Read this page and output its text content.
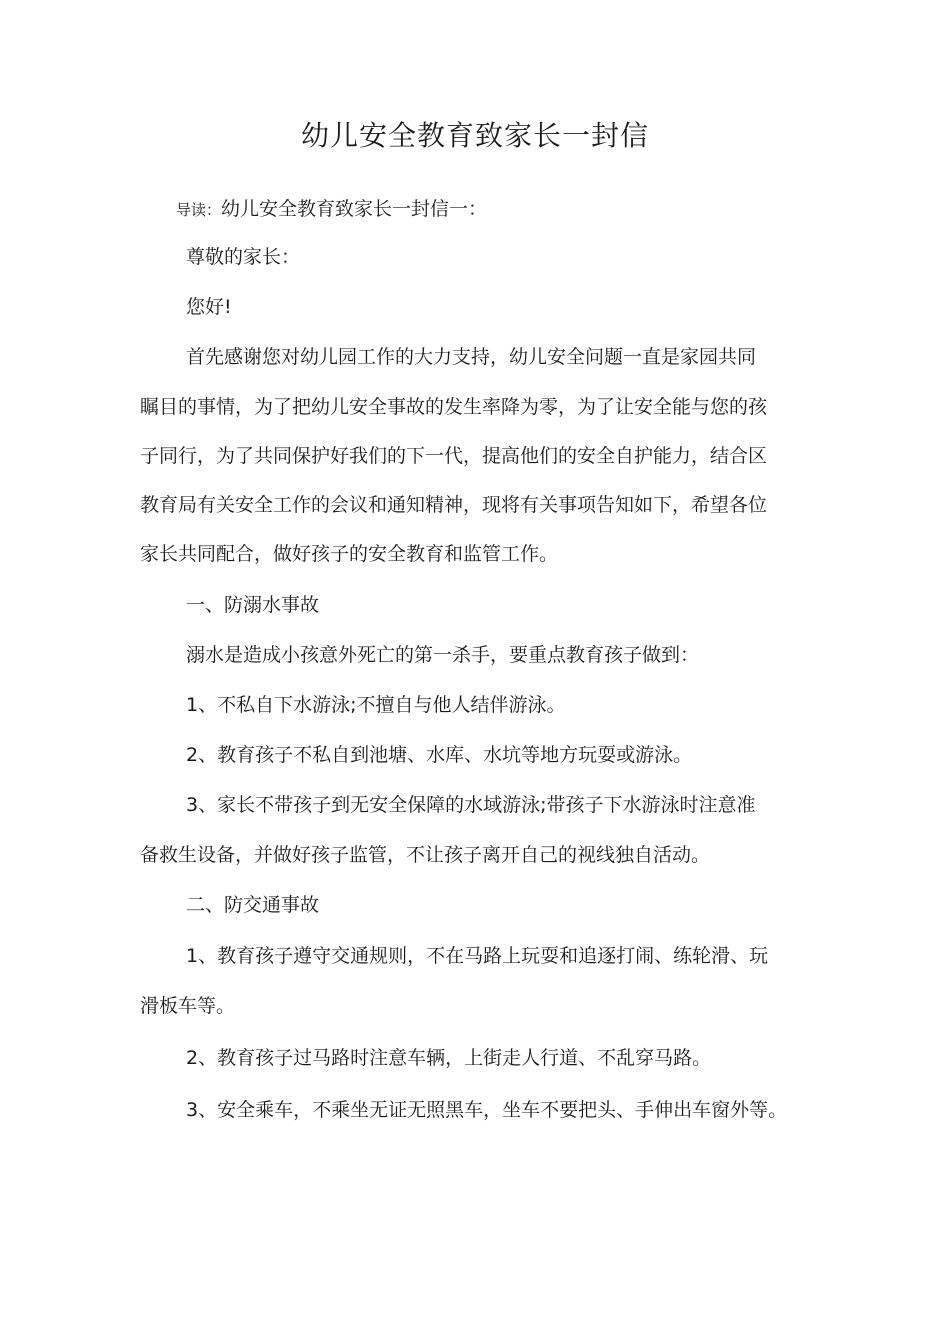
幼儿安全教育致家长一封信
导读：幼儿安全教育致家长一封信一：
尊敬的家长：
您好!
首先感谢您对幼儿园工作的大力支持，幼儿安全问题一直是家园共同
瞩目的事情，为了把幼儿安全事故的发生率降为零，为了让安全能与您的孩
子同行，为了共同保护好我们的下一代，提高他们的安全自护能力，结合区
教育局有关安全工作的会议和通知精神，现将有关事项告知如下，希望各位
家长共同配合，做好孩子的安全教育和监管工作。
一、防溺水事故
溺水是造成小孩意外死亡的第一杀手，要重点教育孩子做到：
1、不私自下水游泳;不擅自与他人结伴游泳。
2、教育孩子不私自到池塘、水库、水坑等地方玩耍或游泳。
3、家长不带孩子到无安全保障的水域游泳;带孩子下水游泳时注意准
备救生设备，并做好孩子监管，不让孩子离开自己的视线独自活动。
二、防交通事故
1、教育孩子遵守交通规则，不在马路上玩耍和追逐打闹、练轮滑、玩
滑板车等。
2、教育孩子过马路时注意车辆，上街走人行道、不乱穿马路。
3、安全乘车，不乘坐无证无照黑车，坐车不要把头、手伸出车窗外等。
